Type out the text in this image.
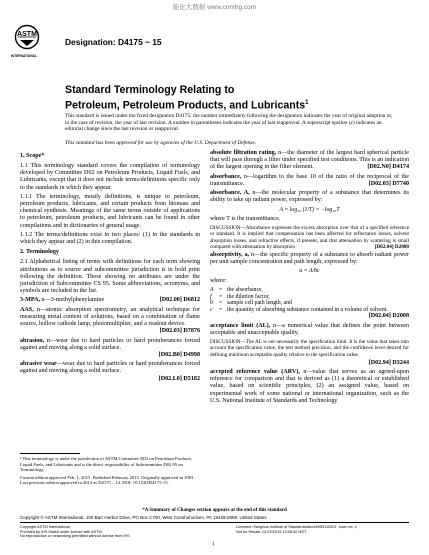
能化大数据 www.cnmhg.com
ASTM
INTERNATIONAL
Designation: D4175 − 15
Standard Terminology Relating to
Petroleum, Petroleum Products, and Lubricants$^1$
This standard is issued under the fixed designation D4175; the number immediately following the designation indicates the year of original adoption or, in the case of revision, the year of last revision. A number in parentheses indicates the year of last reapproval. A superscript epsilon (ε) indicates an editorial change since the last revision or reapproval.
This standard has been approved for use by agencies of the U.S. Department of Defense.

1. Scope*

1.1 This terminology standard covers the compilation of terminology developed by Committee D02 on Petroleum Products, Liquid Fuels, and Lubricants, except that it does not include terms/definitions specific only to the standards in which they appear.

1.1.1 The terminology, mostly definitions, is unique to petroleum, petroleum products, lubricants, and certain products from biomass and chemical synthesis. Meanings of the same terms outside of applications to petroleum, petroleum products, and lubricants can be found in other compilations and in dictionaries of general usage.

1.1.2 The terms/definitions exist in two places: (1) in the standards in which they appear and (2) in this compilation.

2. Terminology

2.1 Alphabetical listing of terms with definitions for each term showing attributions as to source and subcommittee jurisdiction is in bold print following the definition. Those showing no attributes are under the jurisdiction of Subcommittee CS 95. Some abbreviations, acronyms, and symbols are included in the list.

3-MPA, n—3-methylphenylamine	[D02.00] D6812

AAS, n—atomic absorption spectrometry, an analytical technique for measuring metal content of solutions, based on a combination of flame source, hollow cathode lamp, photomultiplier, and a readout device.

[D02.03] D7876

abrasion, n—wear due to hard particles or hard protuberances forced against and moving along a solid surface.

[D02.B0] D4998

abrasive wear—wear due to hard particles or hard protuberances forced against and moving along a solid surface.

[D02.L0] D5182

absolute filtration rating, n—the diameter of the largest hard spherical particle that will pass through a filter under specified test conditions. This is an indication of the largest opening in the filter element.	[D02.N0] D4174

absorbance, n—logarithm to the base 10 of the ratio of the reciprocal of the transmittance.	[D02.03] D7740

absorbance, A, n—the molecular property of a substance that determines its ability to take up radiant power, expressed by:

A = log₁₀ (1/T) = −log₁₀T

where T is the transmittance.

DISCUSSION—Absorbance expresses the excess absorption over that of a specified reference or standard. It is implied that compensation has been affected for reflectance losses, solvent absorption losses, and refractive effects, if present, and that attenuation by scattering is small compared with attenuation by absorption	[D02.04] D2008

absorptivity, a, n—the specific property of a substance to absorb radiant power per unit sample concentration and path length, expressed by:

a = A/bc

where:

A = the absorbance,
f	= the dilution factor,
b	= sample cell path length, and
c	= the quantity of absorbing substance contained in a volume of solvent.

[D02.04] D2008

acceptance limit (AL), n—a numerical value that defines the point between acceptable and unacceptable quality.

DISCUSSION—The AL is not necessarily the specification limit. It is the value that takes into account the specification value, the test method precision, and the confidence level desired for defining minimum acceptable quality relative to the specification value.

[D02.94] D3244

accepted reference value (ARV), n—value that serves as an agreed-upon reference for comparison and that is derived as (1) a theoretical or established value, based on scientific principles, (2) an assigned value, based on experimental work of some national or international organization, such as the U.S. National Institute of Standards and Technology

¹ This terminology is under the jurisdiction of ASTM Committee D02 on Petroleum Products, Liquid Fuels, and Lubricants and is the direct responsibility of Subcommittee D02.95 on Terminology.

Current edition approved Feb. 1, 2015. Published February 2015. Originally approved in 1983. Last previous edition approved in 2014 as D4175 – 14. DOI: 10.1520/D4175-15.

*A Summary of Changes section appears at the end of this standard
Copyright © ASTM International, 100 Barr Harbor Drive, PO Box C700, West Conshohocken, PA 19428-2959. United States
Copyright ASTM International
Provided by IHS Markit under license with ASTM
No reproduction or networking permitted without license from IHS
Licensee=Tsinghua Institute of Standardization/5959110001, User=xx, x
Not for Resale, 01/22/2019 13:08:32 MST
1
